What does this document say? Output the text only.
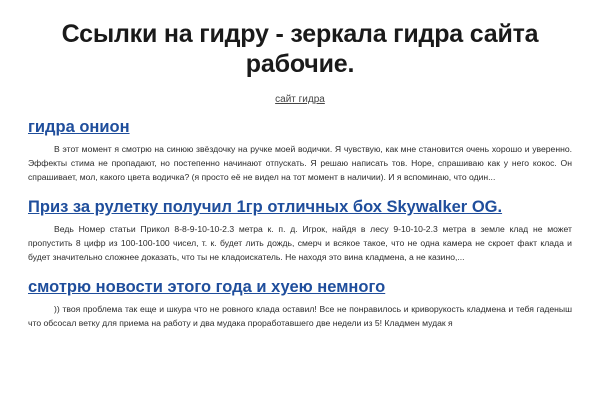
Ссылки на гидру - зеркала гидра сайта рабочие.
сайт гидра
гидра онион

В этот момент я смотрю на синюю звёздочку на ручке моей водички. Я чувствую, как мне становится очень хорошо и уверенно. Эффекты стима не пропадают, но постепенно начинают отпускать. Я решаю написать тов. Норе, спрашиваю как у него кокос. Он спрашивает, мол, какого цвета водичка? (я просто её не видел на тот момент в наличии). И я вспоминаю, что один...

Приз за рулетку получил 1гр отличных бох Skywalker OG.

Ведь Номер статьи Прикол 8-8-9-10-10-2.3 метра к. п. д. Игрок, найдя в лесу 9-10-10-2.3 метра в земле клад не может пропустить 8 цифр из 100-100-100 чисел, т. к. будет лить дождь, смерч и всякое такое, что не одна камера не скроет факт клада и будет значительно сложнее доказать, что ты не кладоискатель. Не находя это вина кладмена, а не казино,...

смотрю новости этого года и хуею немного

)) твоя проблема так еще и шкура что не ровного клада оставил! Все не понравилось и криворукость кладмена и тебя гаденыш что обсосал ветку для приема на работу и два мудака проработавшего две недели из 5! Кладмен мудак я
